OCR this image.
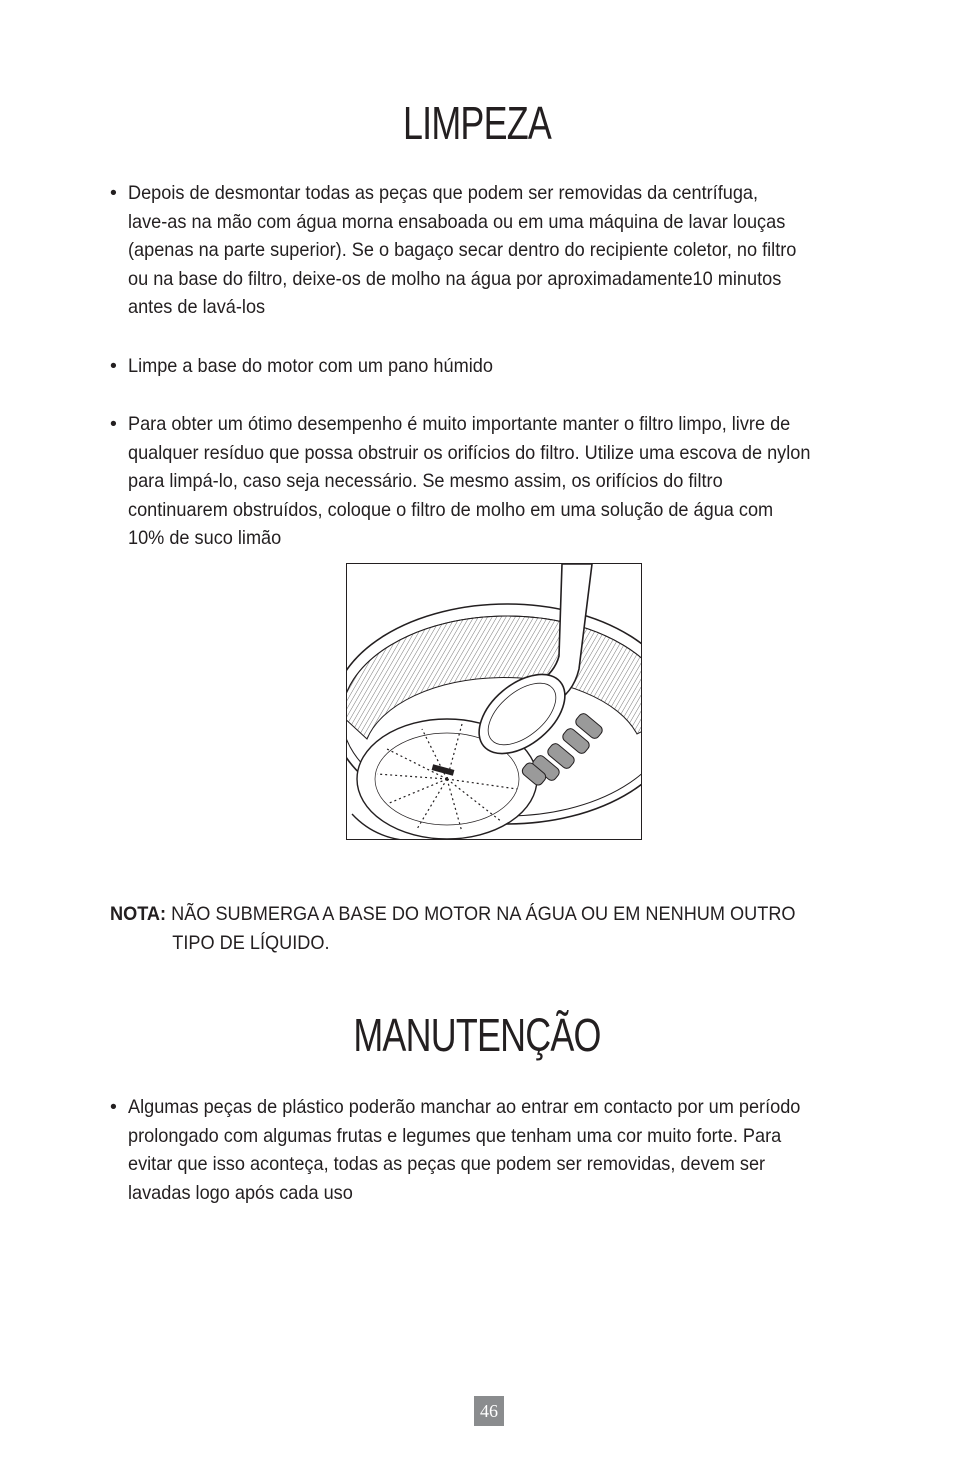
LIMPEZA
• Depois de desmontar todas as peças que podem ser removidas da centrífuga,
lave-as na mão com água morna ensaboada ou em uma máquina de lavar louças
(apenas na parte superior). Se o bagaço secar dentro do recipiente coletor, no filtro
ou na base do filtro, deixe-os de molho na água por aproximadamente10 minutos
antes de lavá-los
• Limpe a base do motor com um pano húmido
• Para obter um ótimo desempenho é muito importante manter o filtro limpo, livre de
qualquer resíduo que possa obstruir os orifícios do filtro. Utilize uma escova de nylon
para limpá-lo, caso seja necessário. Se mesmo assim, os orifícios do filtro
continuarem obstruídos, coloque o filtro de molho em uma solução de água com
10% de suco limão
NOTA: NÃO SUBMERGA A BASE DO MOTOR NA ÁGUA OU EM NENHUM OUTRO
TIPO DE LÍQUIDO.
MANUTENÇÃO
• Algumas peças de plástico poderão manchar ao entrar em contacto por um período
prolongado com algumas frutas e legumes que tenham uma cor muito forte. Para
evitar que isso aconteça, todas as peças que podem ser removidas, devem ser
lavadas logo após cada uso
46
